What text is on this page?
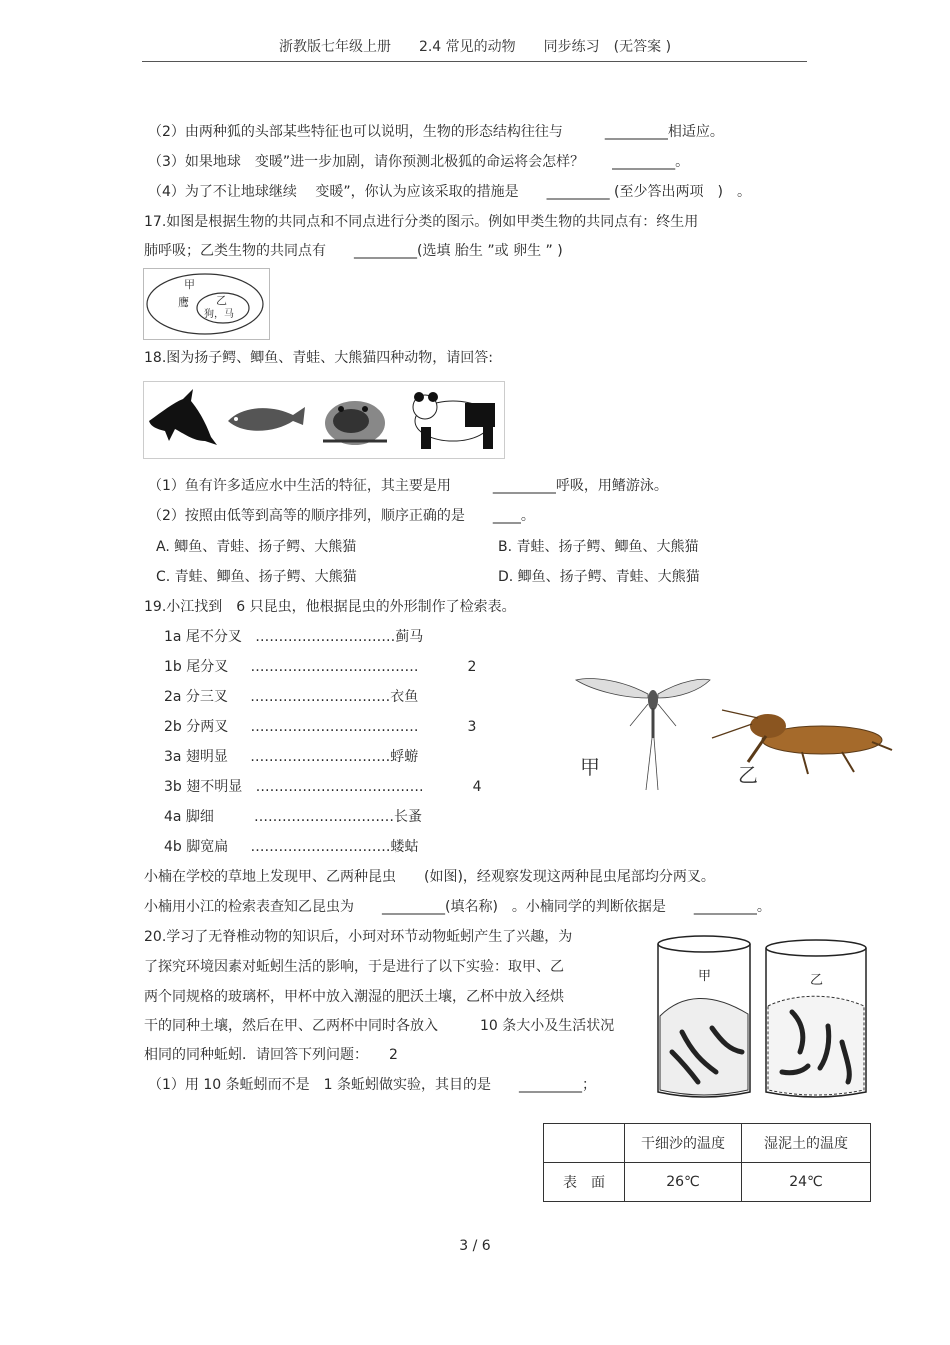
浙教版七年级上册　　2.4 常见的动物　　同步练习　(无答案 )
（2）由两种狐的头部某些特征也可以说明，生物的形态结构往往与　　　_________相适应。
（3）如果地球　变暖”进一步加剧，请你预测北极狐的命运将会怎样？　　_________。
（4）为了不让地球继续　 变暖”，你认为应该采取的措施是　　_________ (至少答出两项　)　。
17.如图是根据生物的共同点和不同点进行分类的图示。例如甲类生物的共同点有：终生用
肺呼吸；乙类生物的共同点有　　_________(选填 胎生 ”或 卵生 ” )
甲
鹰 乙
狗，马
18.图为扬子鳄、鲫鱼、青蛙、大熊猫四种动物，请回答:
（1）鱼有许多适应水中生活的特征，其主要是用　　　_________呼吸，用鳍游泳。
（2）按照由低等到高等的顺序排列，顺序正确的是　　____。
A. 鲫鱼、青蛙、扬子鳄、大熊猫	B. 青蛙、扬子鳄、鲫鱼、大熊猫
C. 青蛙、鲫鱼、扬子鳄、大熊猫	D. 鲫鱼、扬子鳄、青蛙、大熊猫
19.小江找到　6 只昆虫，他根据昆虫的外形制作了检索表。
1a 尾不分叉 …………………………蓟马
1b 尾分叉 ………………………………	2
2a 分三叉 …………………………衣鱼
2b 分两叉 ………………………………	3
3a 翅明显 …………………………蜉蝣
3b 翅不明显 ………………………………	4
4a 脚细	…………………………长蚤
4b 脚宽扁 …………………………蝼蛄
甲	乙
小楠在学校的草地上发现甲、乙两种昆虫　　(如图)，经观察发现这两种昆虫尾部均分两叉。
小楠用小江的检索表查知乙昆虫为　　_________(填名称)　。小楠同学的判断依据是　　_________。
20.学习了无脊椎动物的知识后，小珂对环节动物蚯蚓产生了兴趣，为
了探究环境因素对蚯蚓生活的影响，于是进行了以下实验：取甲、乙
两个同规格的玻璃杯，甲杯中放入潮湿的肥沃土壤，乙杯中放入经烘
干的同种土壤，然后在甲、乙两杯中同时各放入　　　10 条大小及生活状况
相同的同种蚯蚓．请回答下列问题：　　2
（1）用 10 条蚯蚓而不是　1 条蚯蚓做实验，其目的是　　_________；
甲	乙
	干细沙的温度	湿泥土的温度
表　面	26℃	24℃
3 / 6
